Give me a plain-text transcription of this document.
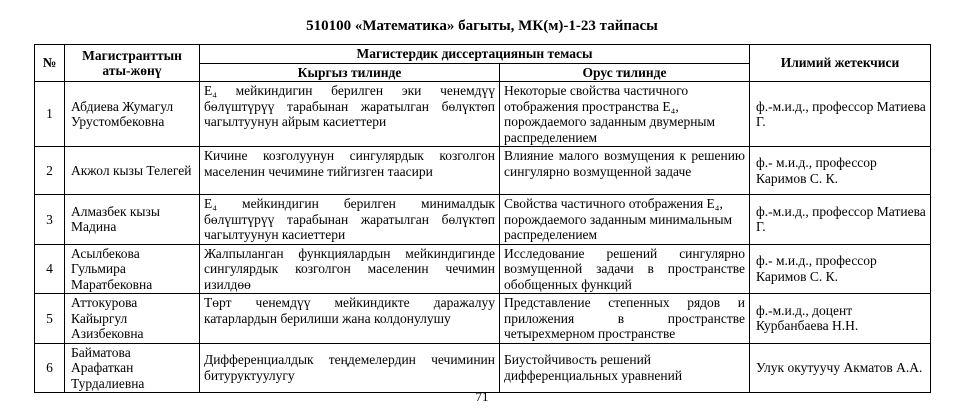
510100 «Математика» багыты, МК(м)-1-23 тайпасы
№	Магистранттын аты-жөнү	Магистердик диссертациянын темасы		Илимий жетекчиси
		Кыргыз тилинде	Орус тилинде	
1	Абдиева Жумагул Урустомбековна	E₄ мейкиндигин берилген эки ченемдүү бөлүштүрүү тарабынан жаратылган бөлүктөп чагылтуунун айрым касиеттери	Некоторые свойства частичного отображения пространства E₄, порождаемого заданным двумерным распределением	ф.-м.и.д., профессор Матиева Г.
2	Акжол кызы Телегей	Кичине козголуунун сингулярдык козголгон маселенин чечимине тийгизген таасири	Влияние малого возмущения к решению сингулярно возмущенной задаче	ф.- м.и.д., профессор Каримов С. К.
3	Алмазбек кызы Мадина	E₄ мейкиндигин берилген минималдык бөлүштүрүү тарабынан жаратылган бөлүктөп чагылтуунун касиеттери	Свойства частичного отображения E₄, порождаемого заданным минимальным распределением	ф.-м.и.д., профессор Матиева Г.
4	Асылбекова Гульмира Маратбековна	Жалпыланган функциялардын мейкиндигинде сингулярдык козголгон маселенин чечимин изилдөө	Исследование решений сингулярно возмущенной задачи в пространстве обобщенных функций	ф.- м.и.д., профессор Каримов С. К.
5	Аттокурова Кайыргул Азизбековна	Төрт ченемдүү мейкиндикте даражалуу катарлардын берилиши жана колдонулушу	Представление степенных рядов и приложения в пространстве четырехмерном пространстве	ф.-м.и.д., доцент Курбанбаева Н.Н.
6	Байматова Арафаткан Турдалиевна	Дифференциалдык теңдемелердин чечиминин битуруктуулугу	Биустойчивость решений дифференциальных уравнений	Улук окутуучу Акматов А.А.
71
